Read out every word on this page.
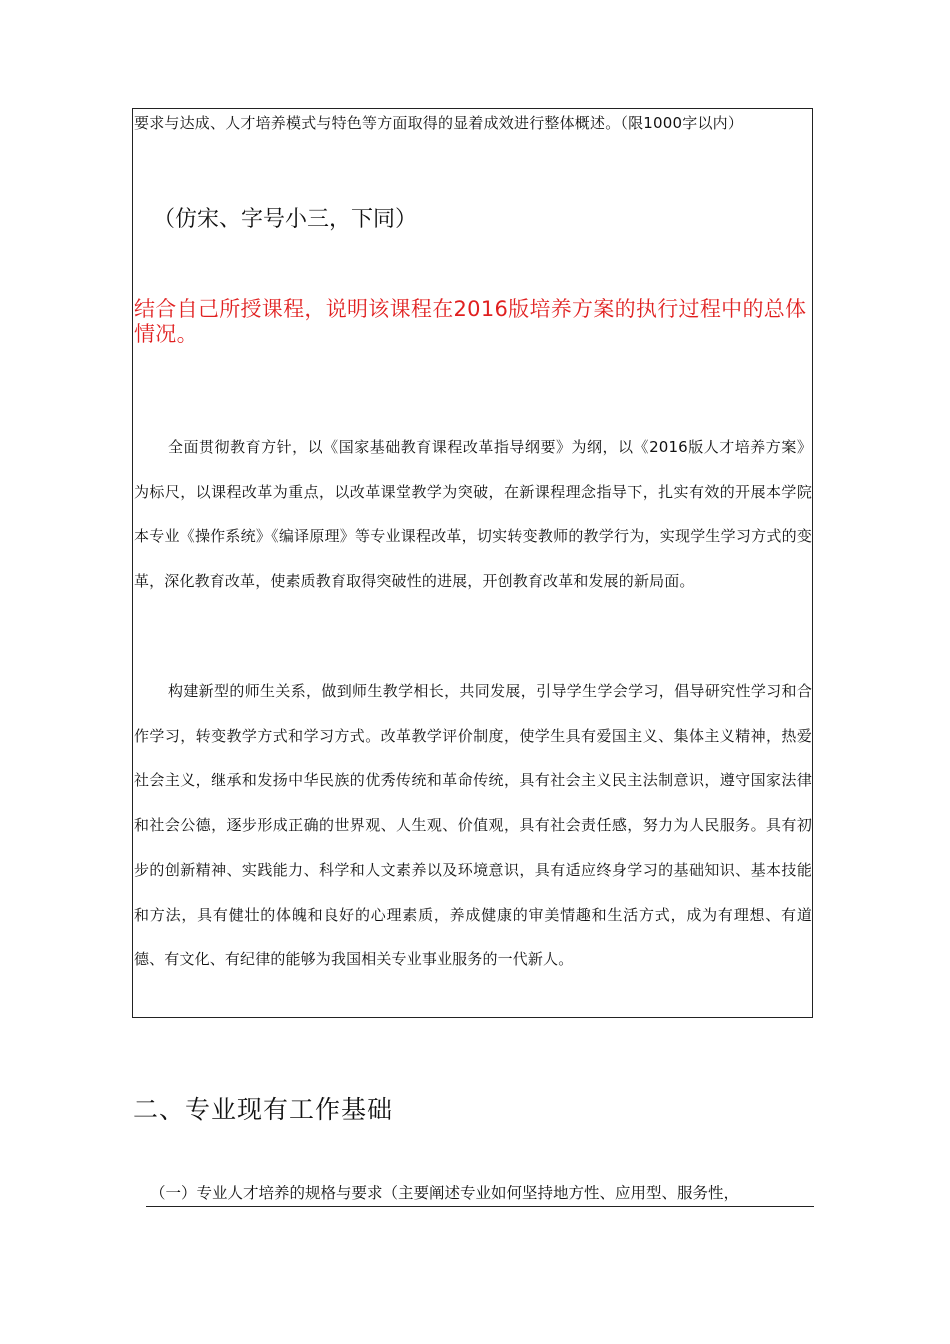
要求与达成、人才培养模式与特色等方面取得的显着成效进行整体概述。（限1000字以内）
（仿宋、字号小三，下同）
结合自己所授课程，说明该课程在2016版培养方案的执行过程中的总体情况。
全面贯彻教育方针，以《国家基础教育课程改革指导纲要》为纲，以《2016版人才培养方案》为标尺，以课程改革为重点，以改革课堂教学为突破，在新课程理念指导下，扎实有效的开展本学院本专业《操作系统》《编译原理》等专业课程改革，切实转变教师的教学行为，实现学生学习方式的变革，深化教育改革，使素质教育取得突破性的进展，开创教育改革和发展的新局面。
构建新型的师生关系，做到师生教学相长，共同发展，引导学生学会学习，倡导研究性学习和合作学习，转变教学方式和学习方式。改革教学评价制度，使学生具有爱国主义、集体主义精神，热爱社会主义，继承和发扬中华民族的优秀传统和革命传统，具有社会主义民主法制意识，遵守国家法律和社会公德，逐步形成正确的世界观、人生观、价值观，具有社会责任感，努力为人民服务。具有初步的创新精神、实践能力、科学和人文素养以及环境意识，具有适应终身学习的基础知识、基本技能和方法，具有健壮的体魄和良好的心理素质，养成健康的审美情趣和生活方式，成为有理想、有道德、有文化、有纪律的能够为我国相关专业事业服务的一代新人。
二、专业现有工作基础
（一）专业人才培养的规格与要求（主要阐述专业如何坚持地方性、应用型、服务性，
